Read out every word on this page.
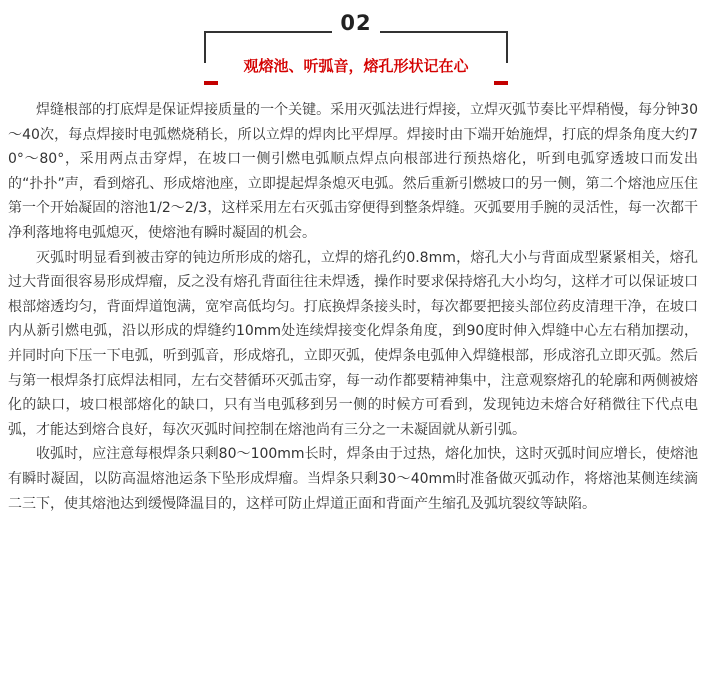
02
观熔池、听弧音，熔孔形状记在心

焊缝根部的打底焊是保证焊接质量的一个关键。采用灭弧法进行焊接，立焊灭弧节奏比平焊稍慢，每分钟30～40次，每点焊接时电弧燃烧稍长，所以立焊的焊肉比平焊厚。焊接时由下端开始施焊，打底的焊条角度大约70°～80°，采用两点击穿焊，在坡口一侧引燃电弧顺点焊点向根部进行预热熔化，听到电弧穿透坡口而发出的“扑扑”声，看到熔孔、形成熔池座，立即提起焊条熄灭电弧。然后重新引燃坡口的另一侧，第二个熔池应压住第一个开始凝固的溶池1/2～2/3，这样采用左右灭弧击穿便得到整条焊缝。灭弧要用手腕的灵活性，每一次都干净利落地将电弧熄灭，使熔池有瞬时凝固的机会。

灭弧时明显看到被击穿的钝边所形成的熔孔，立焊的熔孔约0.8mm，熔孔大小与背面成型紧紧相关，熔孔过大背面很容易形成焊瘤，反之没有熔孔背面往往未焊透，操作时要求保持熔孔大小均匀，这样才可以保证坡口根部熔透均匀，背面焊道饱满，宽窄高低均匀。打底换焊条接头时，每次都要把接头部位药皮清理干净，在坡口内从新引燃电弧，沿以形成的焊缝约10mm处连续焊接变化焊条角度，到90度时伸入焊缝中心左右稍加摆动，并同时向下压一下电弧，听到弧音，形成熔孔，立即灭弧，使焊条电弧伸入焊缝根部，形成溶孔立即灭弧。然后与第一根焊条打底焊法相同，左右交替循环灭弧击穿，每一动作都要精神集中，注意观察熔孔的轮廓和两侧被熔化的缺口，坡口根部熔化的缺口，只有当电弧移到另一侧的时候方可看到，发现钝边未熔合好稍微往下代点电弧，才能达到熔合良好，每次灭弧时间控制在熔池尚有三分之一未凝固就从新引弧。

收弧时，应注意每根焊条只剩80～100mm长时，焊条由于过热，熔化加快，这时灭弧时间应增长，使熔池有瞬时凝固，以防高温熔池运条下坠形成焊瘤。当焊条只剩30～40mm时准备做灭弧动作，将熔池某侧连续滴二三下，使其熔池达到缓慢降温目的，这样可防止焊道正面和背面产生缩孔及弧坑裂纹等缺陷。
